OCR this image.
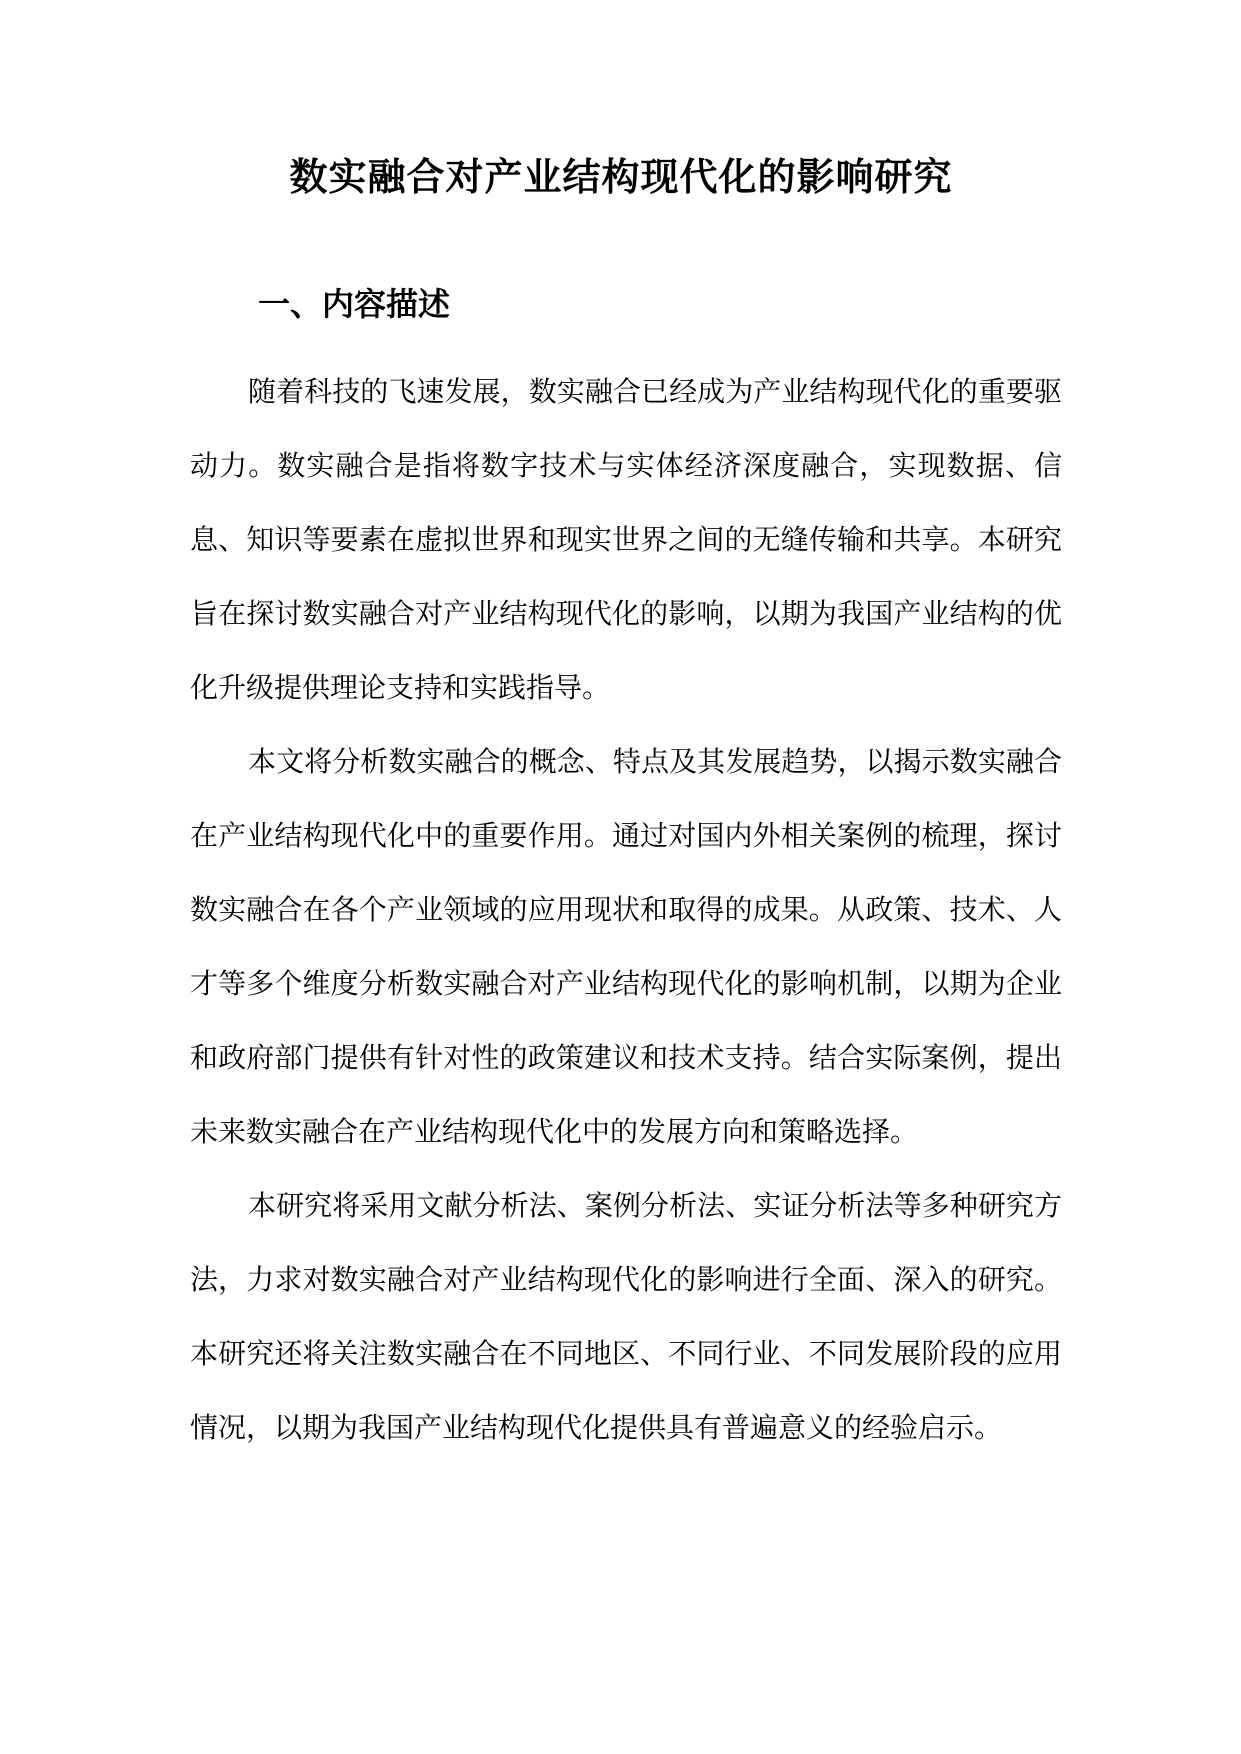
数实融合对产业结构现代化的影响研究
一、内容描述

随着科技的飞速发展，数实融合已经成为产业结构现代化的重要驱动力。数实融合是指将数字技术与实体经济深度融合，实现数据、信息、知识等要素在虚拟世界和现实世界之间的无缝传输和共享。本研究旨在探讨数实融合对产业结构现代化的影响，以期为我国产业结构的优化升级提供理论支持和实践指导。

本文将分析数实融合的概念、特点及其发展趋势，以揭示数实融合在产业结构现代化中的重要作用。通过对国内外相关案例的梳理，探讨数实融合在各个产业领域的应用现状和取得的成果。从政策、技术、人才等多个维度分析数实融合对产业结构现代化的影响机制，以期为企业和政府部门提供有针对性的政策建议和技术支持。结合实际案例，提出未来数实融合在产业结构现代化中的发展方向和策略选择。

本研究将采用文献分析法、案例分析法、实证分析法等多种研究方法，力求对数实融合对产业结构现代化的影响进行全面、深入的研究。本研究还将关注数实融合在不同地区、不同行业、不同发展阶段的应用情况，以期为我国产业结构现代化提供具有普遍意义的经验启示。
